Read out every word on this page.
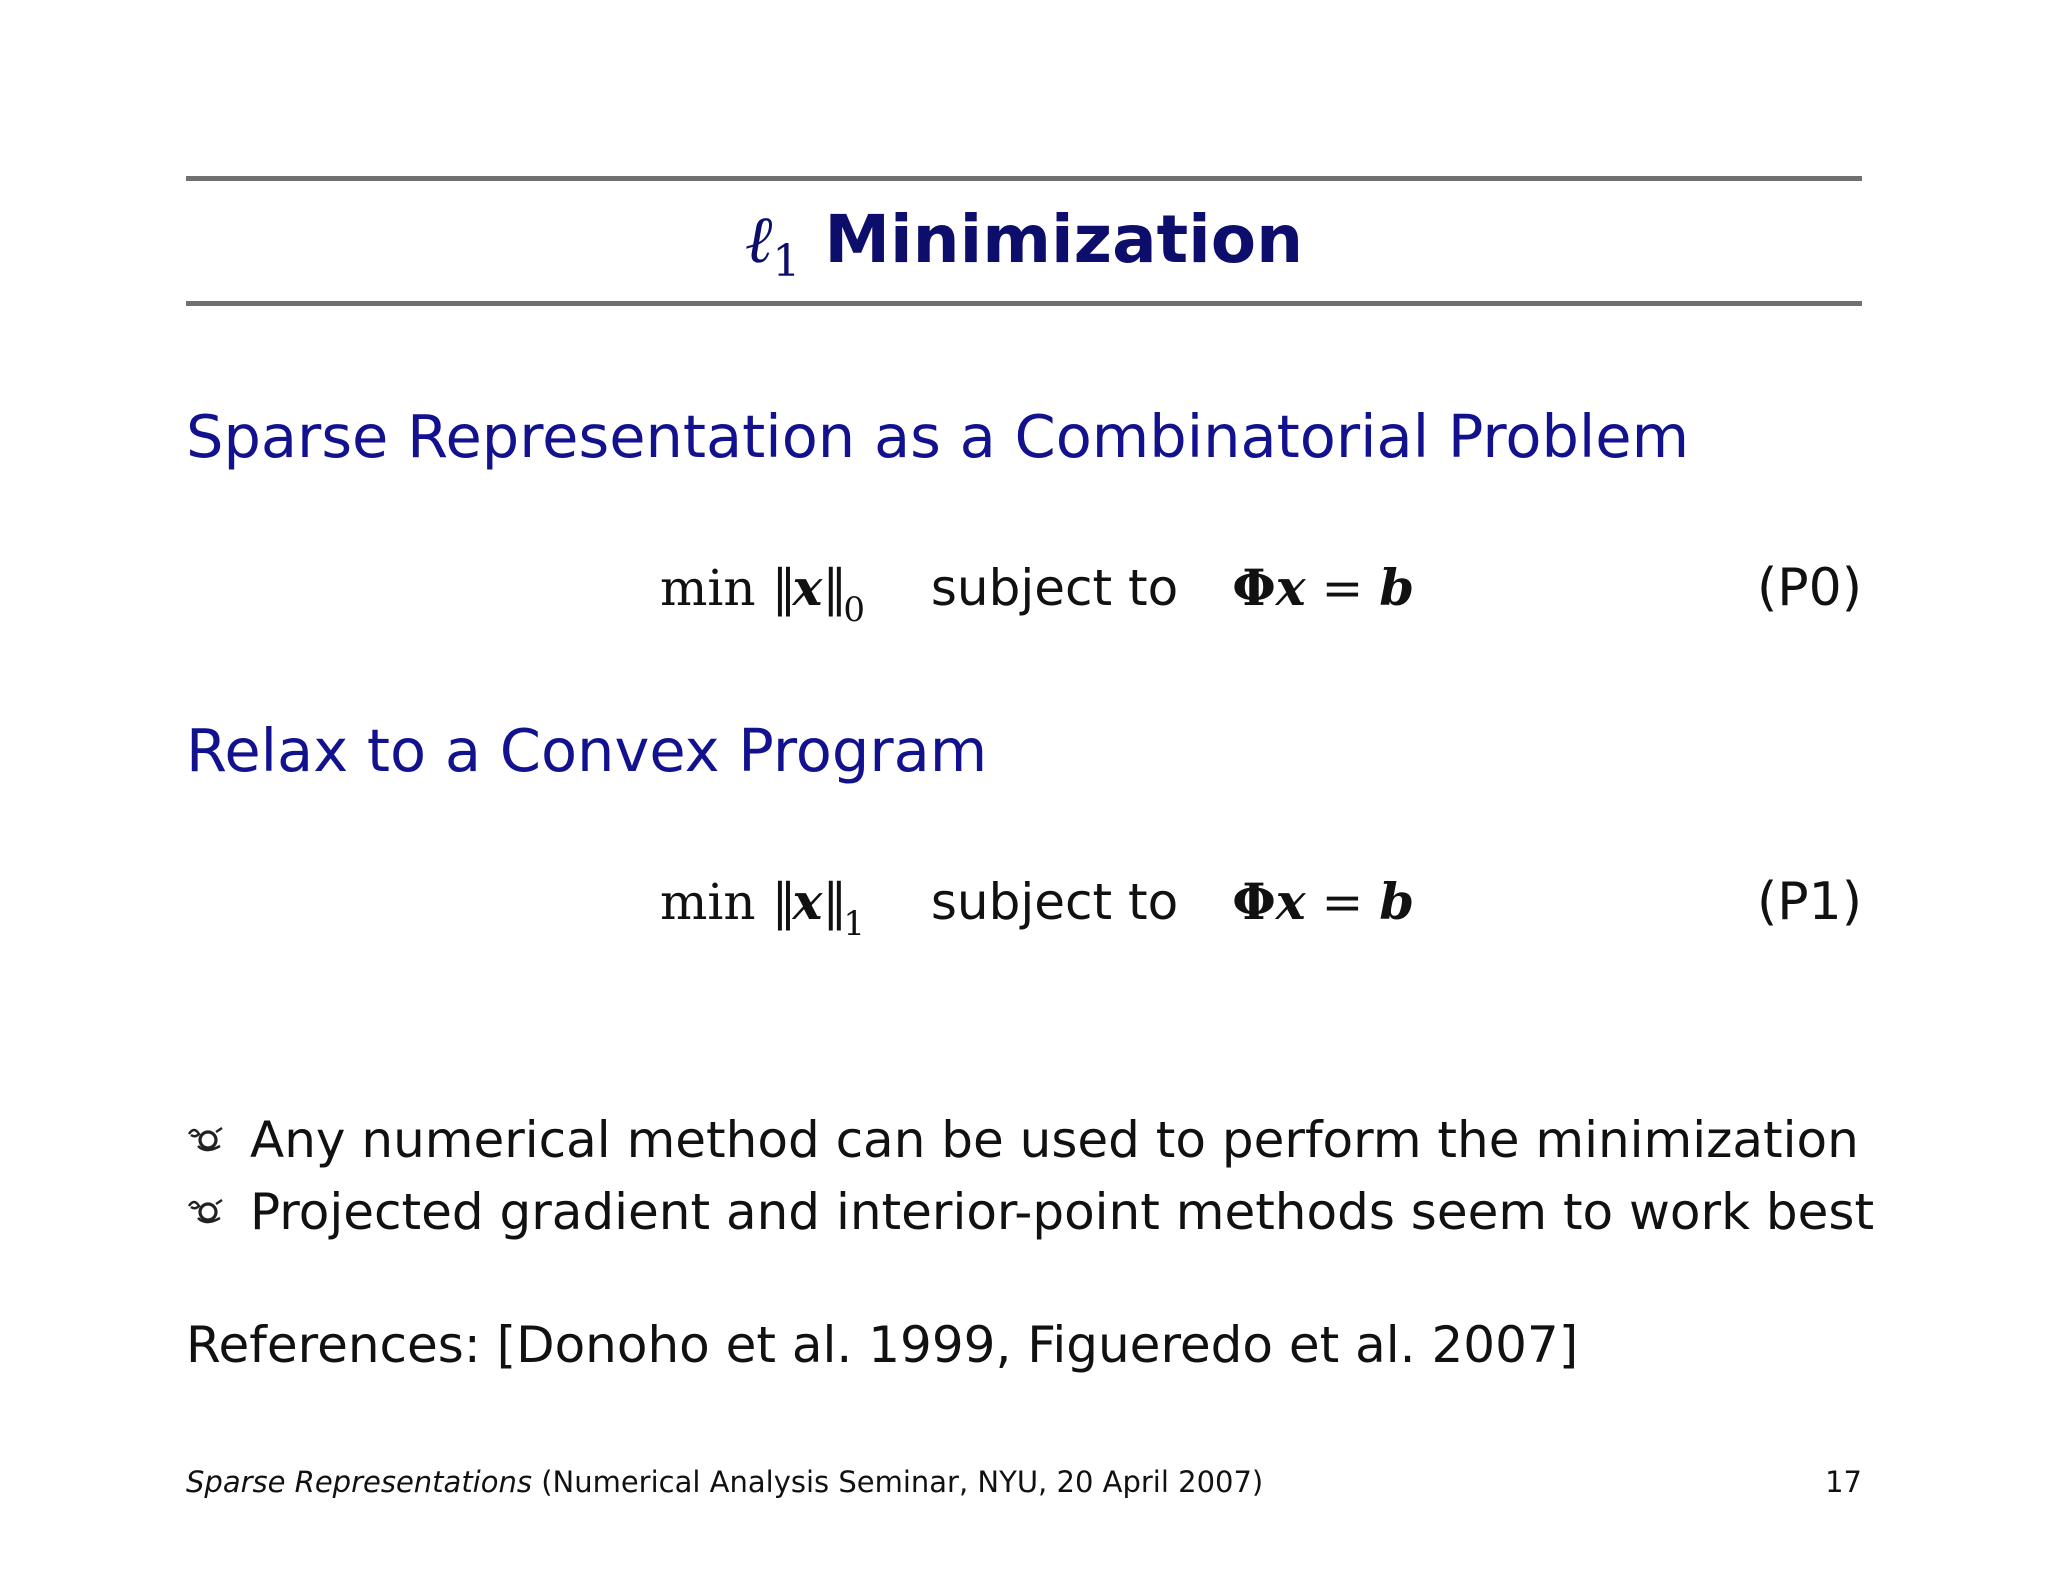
ℓ$_1$ Minimization
Sparse Representation as a Combinatorial Problem
$\min ‖x‖_0$ subject to Φx = b	(P0)
Relax to a Convex Program
$\min ‖x‖_1$ subject to Φx = b	(P1)
Any numerical method can be used to perform the minimization
Projected gradient and interior-point methods seem to work best
References: [Donoho et al. 1999, Figueredo et al. 2007]
Sparse Representations (Numerical Analysis Seminar, NYU, 20 April 2007)	17
